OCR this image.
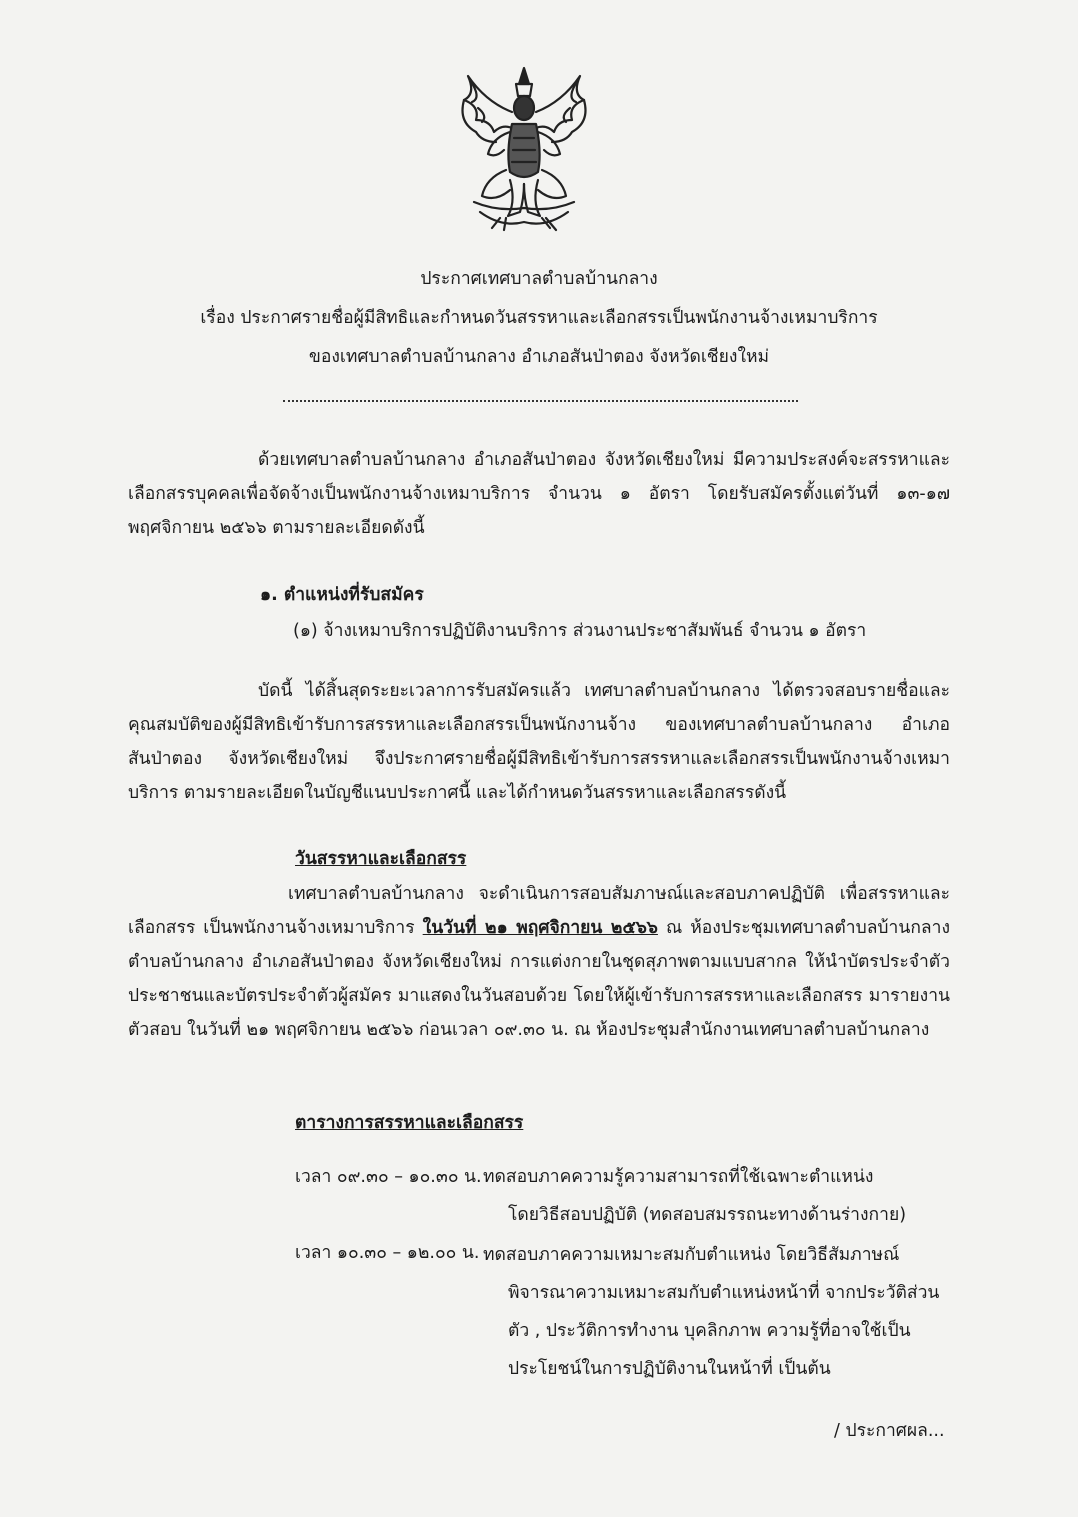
ประกาศเทศบาลตำบลบ้านกลาง
เรื่อง ประกาศรายชื่อผู้มีสิทธิและกำหนดวันสรรหาและเลือกสรรเป็นพนักงานจ้างเหมาบริการ
ของเทศบาลตำบลบ้านกลาง อำเภอสันป่าตอง จังหวัดเชียงใหม่
ด้วยเทศบาลตำบลบ้านกลาง อำเภอสันป่าตอง จังหวัดเชียงใหม่ มีความประสงค์จะสรรหาและเลือกสรรบุคคลเพื่อจัดจ้างเป็นพนักงานจ้างเหมาบริการ จำนวน ๑ อัตรา โดยรับสมัครตั้งแต่วันที่ ๑๓-๑๗ พฤศจิกายน ๒๕๖๖ ตามรายละเอียดดังนี้
๑. ตำแหน่งที่รับสมัคร
(๑) จ้างเหมาบริการปฏิบัติงานบริการ ส่วนงานประชาสัมพันธ์ จำนวน ๑ อัตรา
บัดนี้ ได้สิ้นสุดระยะเวลาการรับสมัครแล้ว เทศบาลตำบลบ้านกลาง ได้ตรวจสอบรายชื่อและคุณสมบัติของผู้มีสิทธิเข้ารับการสรรหาและเลือกสรรเป็นพนักงานจ้าง ของเทศบาลตำบลบ้านกลาง อำเภอสันป่าตอง จังหวัดเชียงใหม่ จึงประกาศรายชื่อผู้มีสิทธิเข้ารับการสรรหาและเลือกสรรเป็นพนักงานจ้างเหมาบริการ ตามรายละเอียดในบัญชีแนบประกาศนี้ และได้กำหนดวันสรรหาและเลือกสรรดังนี้
วันสรรหาและเลือกสรร
เทศบาลตำบลบ้านกลาง จะดำเนินการสอบสัมภาษณ์และสอบภาคปฏิบัติ เพื่อสรรหาและเลือกสรร เป็นพนักงานจ้างเหมาบริการ ในวันที่ ๒๑ พฤศจิกายน ๒๕๖๖ ณ ห้องประชุมเทศบาลตำบลบ้านกลาง ตำบลบ้านกลาง อำเภอสันป่าตอง จังหวัดเชียงใหม่ การแต่งกายในชุดสุภาพตามแบบสากล ให้นำบัตรประจำตัวประชาชนและบัตรประจำตัวผู้สมัคร มาแสดงในวันสอบด้วย โดยให้ผู้เข้ารับการสรรหาและเลือกสรร มารายงานตัวสอบ ในวันที่ ๒๑ พฤศจิกายน ๒๕๖๖ ก่อนเวลา ๐๙.๓๐ น. ณ ห้องประชุมสำนักงานเทศบาลตำบลบ้านกลาง
ตารางการสรรหาและเลือกสรร
เวลา ๐๙.๓๐ – ๑๐.๓๐ น. ทดสอบภาคความรู้ความสามารถที่ใช้เฉพาะตำแหน่ง
โดยวิธีสอบปฏิบัติ (ทดสอบสมรรถนะทางด้านร่างกาย)
เวลา ๑๐.๓๐ – ๑๒.๐๐ น. ทดสอบภาคความเหมาะสมกับตำแหน่ง โดยวิธีสัมภาษณ์
พิจารณาความเหมาะสมกับตำแหน่งหน้าที่ จากประวัติส่วนตัว , ประวัติการทำงาน บุคลิกภาพ ความรู้ที่อาจใช้เป็นประโยชน์ในการปฏิบัติงานในหน้าที่ เป็นต้น
/ ประกาศผล...
